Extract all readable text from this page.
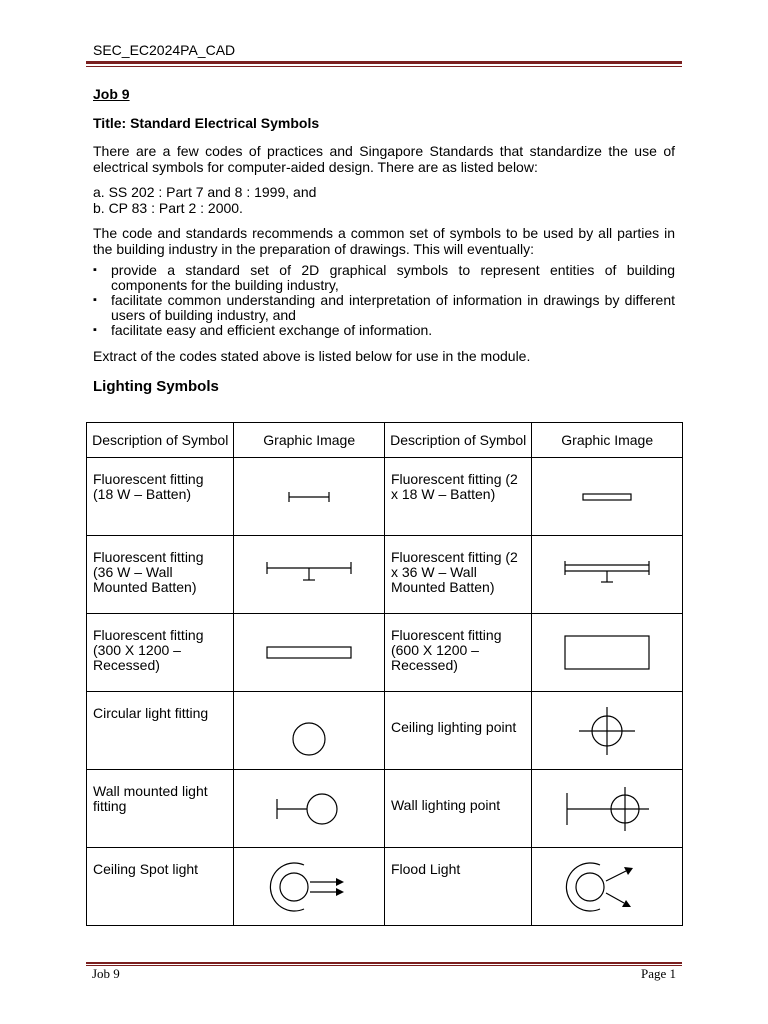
SEC_EC2024PA_CAD

Job 9

Title: Standard Electrical Symbols

There are a few codes of practices and Singapore Standards that standardize the use of electrical symbols for computer-aided design. There are as listed below:

a. SS 202 : Part 7 and 8 : 1999, and
b. CP 83 : Part 2 : 2000.

The code and standards recommends a common set of symbols to be used by all parties in the building industry in the preparation of drawings. This will eventually:

▪ provide a standard set of 2D graphical symbols to represent entities of building components for the building industry,
▪ facilitate common understanding and interpretation of information in drawings by different users of building industry, and
▪ facilitate easy and efficient exchange of information.

Extract of the codes stated above is listed below for use in the module.

Lighting Symbols

Description of Symbol	Graphic Image	Description of Symbol	Graphic Image
Fluorescent fitting (18 W – Batten)		Fluorescent fitting (2 x 18 W – Batten)	

Fluorescent fitting (36 W – Wall Mounted Batten)		Fluorescent fitting (2 x 36 W – Wall Mounted Batten)	

Fluorescent fitting (300 X 1200 – Recessed)		Fluorescent fitting (600 X 1200 – Recessed)	

Circular light fitting		Ceiling lighting point	

Wall mounted light fitting		Wall lighting point	

Ceiling Spot light		Flood Light	
Job 9	Page 1
